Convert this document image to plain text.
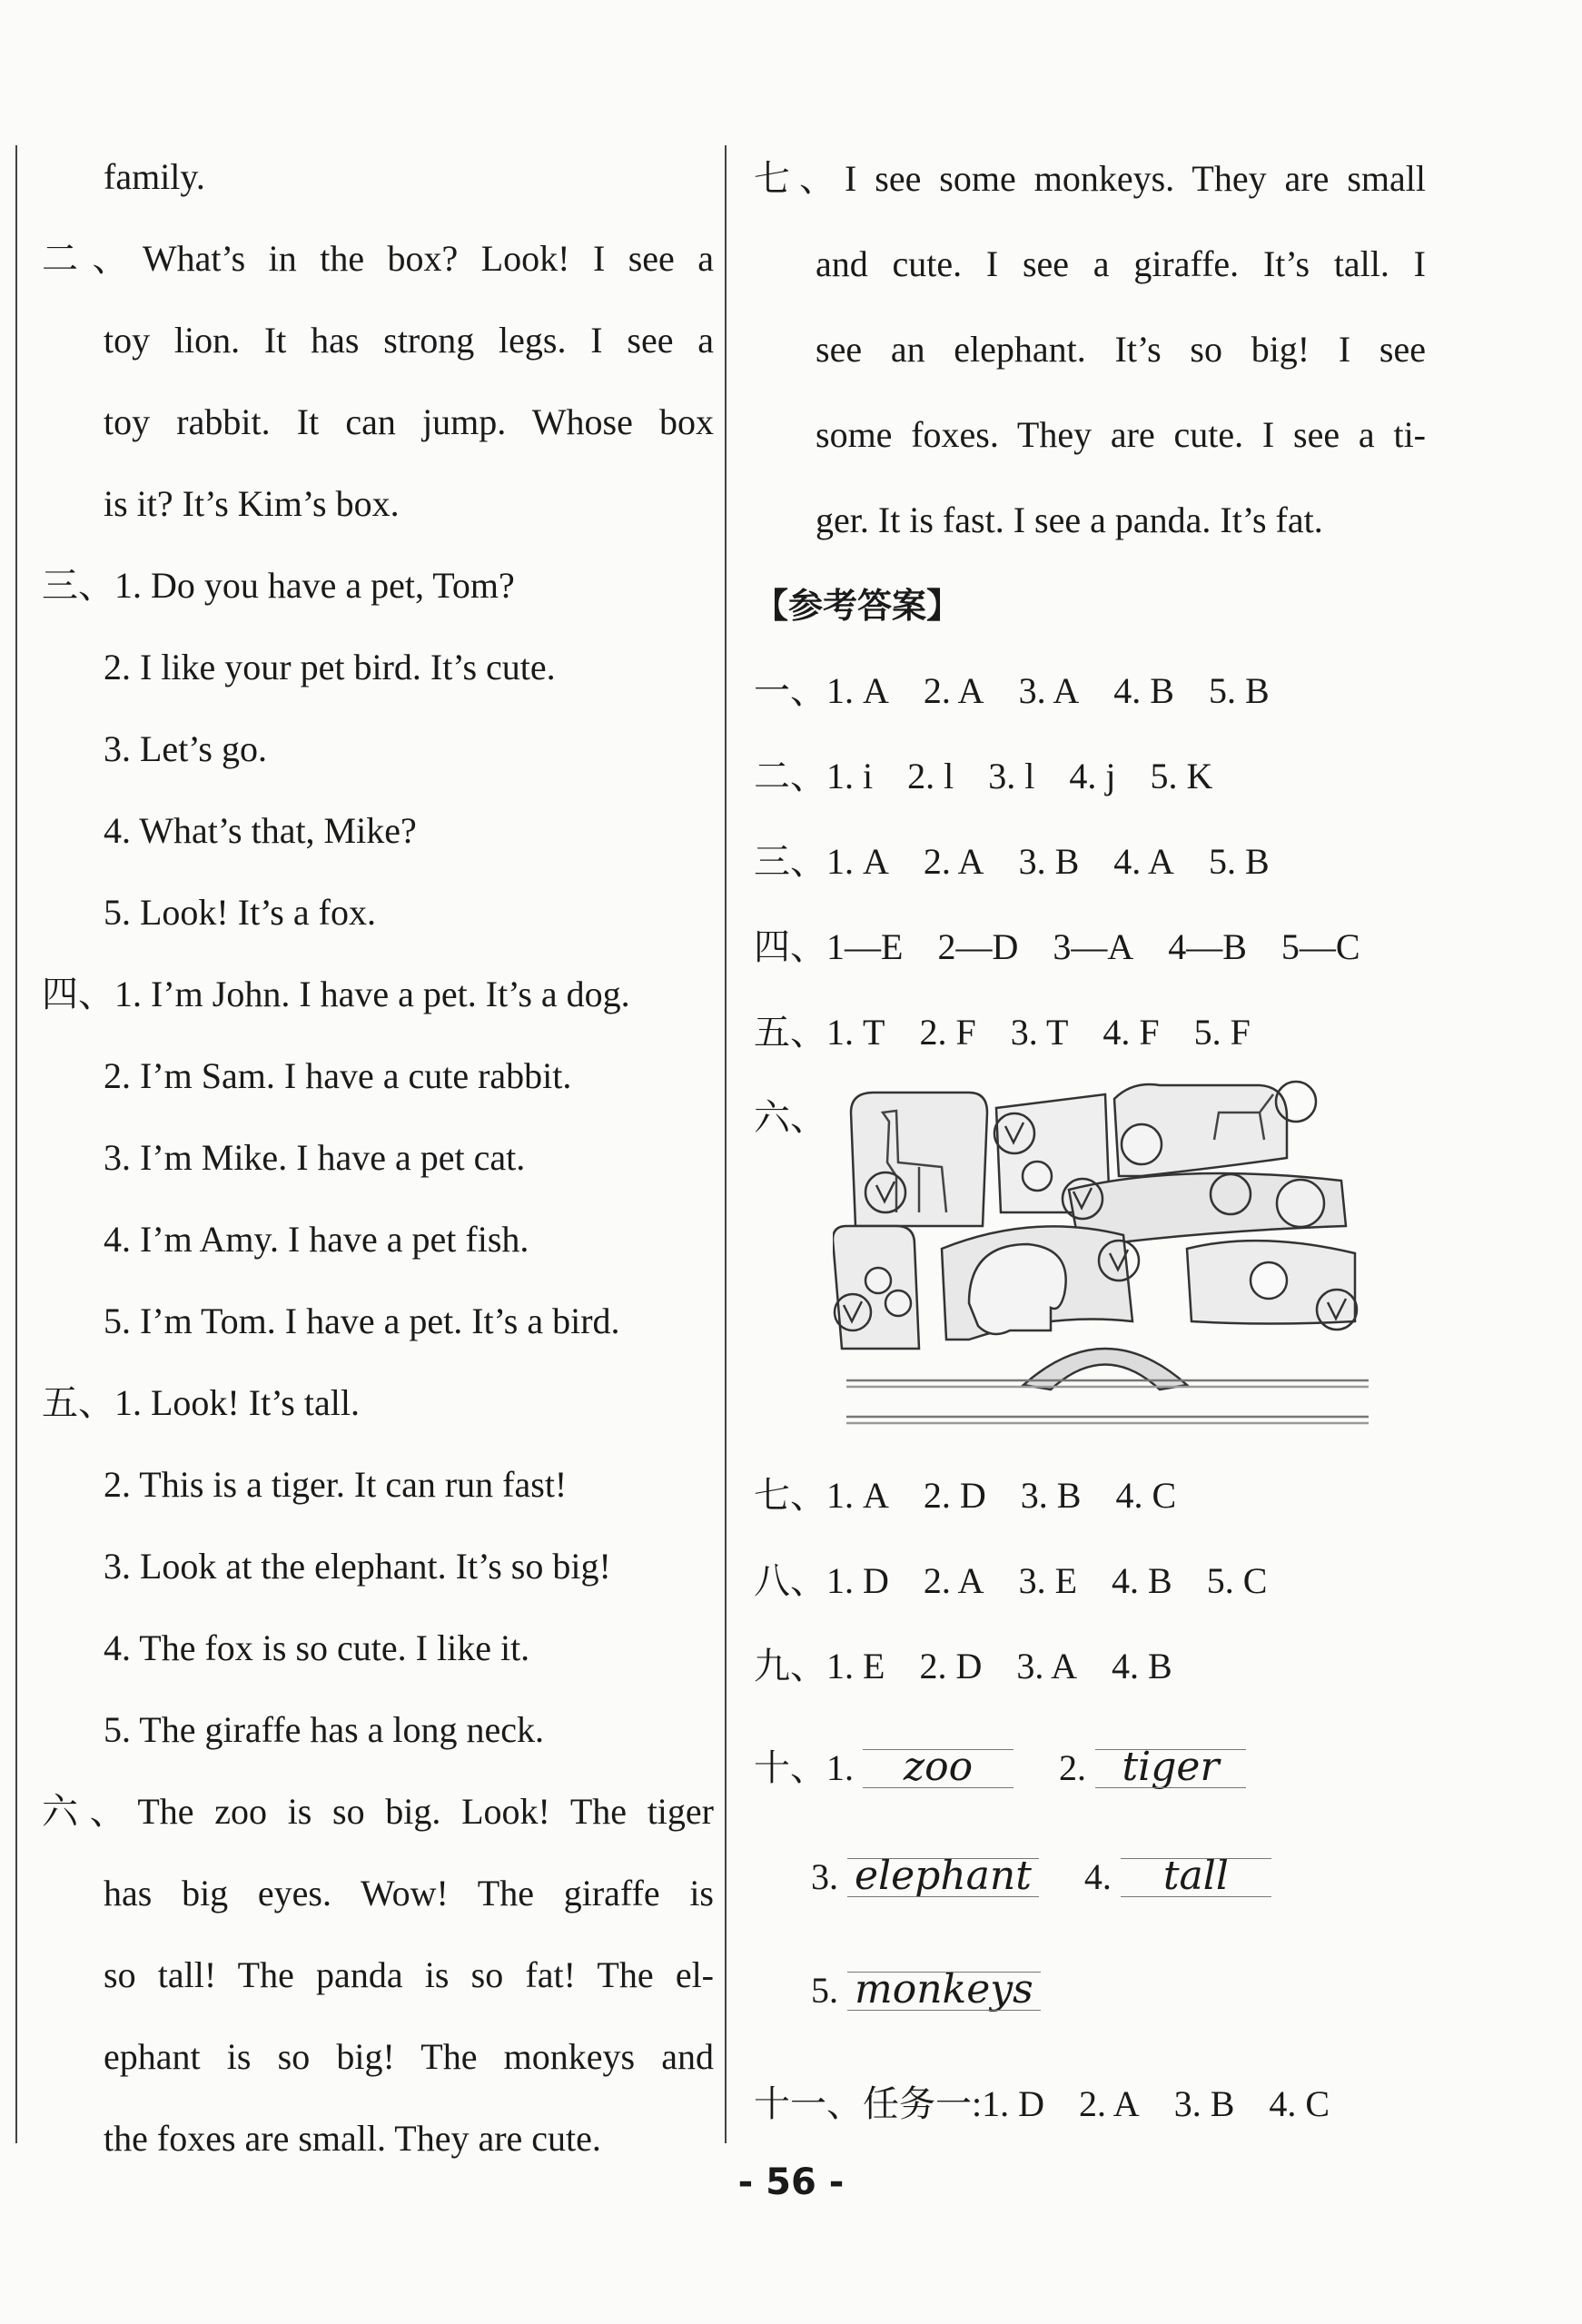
family.
二、What’s in the box? Look! I see a
toy lion. It has strong legs. I see a
toy rabbit. It can jump. Whose box
is it? It’s Kim’s box.
三、1. Do you have a pet, Tom?
2. I like your pet bird. It’s cute.
3. Let’s go.
4. What’s that, Mike?
5. Look! It’s a fox.
四、1. I’m John. I have a pet. It’s a dog.
2. I’m Sam. I have a cute rabbit.
3. I’m Mike. I have a pet cat.
4. I’m Amy. I have a pet fish.
5. I’m Tom. I have a pet. It’s a bird.
五、1. Look! It’s tall.
2. This is a tiger. It can run fast!
3. Look at the elephant. It’s so big!
4. The fox is so cute. I like it.
5. The giraffe has a long neck.
六、The zoo is so big. Look! The tiger
has big eyes. Wow! The giraffe is
so tall! The panda is so fat! The el-
ephant is so big! The monkeys and
the foxes are small. They are cute.
七、I see some monkeys. They are small
and cute. I see a giraffe. It’s tall. I
see an elephant. It’s so big! I see
some foxes. They are cute. I see a ti-
ger. It is fast. I see a panda. It’s fat.
【参考答案】
一、1. A 2. A 3. A 4. B 5. B
二、1. i 2. l 3. l 4. j 5. K
三、1. A 2. A 3. B 4. A 5. B
四、1—E 2—D 3—A 4—B 5—C
五、1. T 2. F 3. T 4. F 5. F
六、
七、1. A 2. D 3. B 4. C
八、1. D 2. A 3. E 4. B 5. C
九、1. E 2. D 3. A 4. B
十、1. zoo 2. tiger
3. elephant 4. tall
5. monkeys
十一、任务一:1. D 2. A 3. B 4. C
- 56 -
